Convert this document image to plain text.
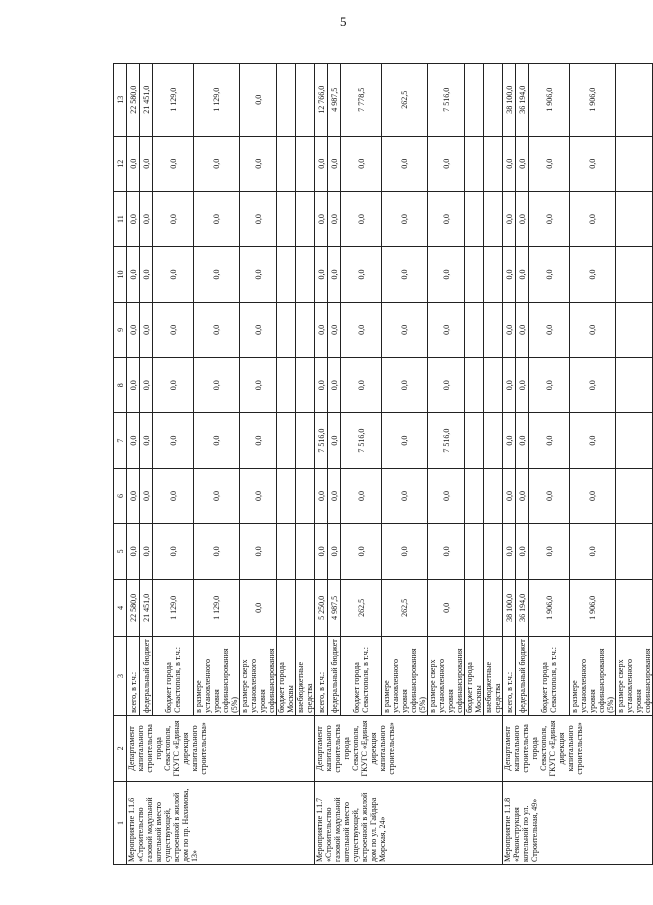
5
1	2	3	4	5	6	7	8	9	10	11	12	13
Мероприятие 1.1.6 «Строительство газовой модульной котельной вместо существующей, встроенной в жилой дом по пр. Нахимова, 13»	Департамент капитального строительства города Севастополя, ГКУГС «Единая дирекция капитального строительства»	всего, в т.ч.:	22 580,0	0,0	0,0	0,0	0,0	0,0	0,0	0,0	0,0	22 580,0
		федеральный бюджет	21 451,0	0,0	0,0	0,0	0,0	0,0	0,0	0,0	0,0	21 451,0
		бюджет города Севастополя, в т.ч.:	1 129,0	0,0	0,0	0,0	0,0	0,0	0,0	0,0	0,0	1 129,0
		в размере установленного уровня софинансирования (5%)	1 129,0	0,0	0,0	0,0	0,0	0,0	0,0	0,0	0,0	1 129,0
		в размере сверх установленного уровня софинансирования	0,0	0,0	0,0	0,0	0,0	0,0	0,0	0,0	0,0	0,0
		бюджет города Москвы										
		внебюджетные средства										
Мероприятие 1.1.7 «Строительство газовой модульной котельной вместо существующей, встроенной в жилой дом по ул. Гайдара Морская, 24»	Департамент капитального строительства города Севастополя, ГКУГС «Единая дирекция капитального строительства»	всего, в т.ч.:	5 250,0	0,0	0,0	7 516,0	0,0	0,0	0,0	0,0	0,0	12 766,0
		федеральный бюджет	4 987,5	0,0	0,0	0,0	0,0	0,0	0,0	0,0	0,0	4 987,5
		бюджет города Севастополя, в т.ч.:	262,5	0,0	0,0	7 516,0	0,0	0,0	0,0	0,0	0,0	7 778,5
		в размере установленного уровня софинансирования (5%)	262,5	0,0	0,0	0,0	0,0	0,0	0,0	0,0	0,0	262,5
		в размере сверх установленного уровня софинансирования	0,0	0,0	0,0	7 516,0	0,0	0,0	0,0	0,0	0,0	7 516,0
		бюджет города Москвы										
		внебюджетные средства										
Мероприятие 1.1.8 «Реконструкция котельной по ул. Строительная, 49»	Департамент капитального строительства города Севастополя, ГКУГС «Единая дирекция капитального строительства»	всего, в т.ч.:	38 100,0	0,0	0,0	0,0	0,0	0,0	0,0	0,0	0,0	38 100,0
		федеральный бюджет	36 194,0	0,0	0,0	0,0	0,0	0,0	0,0	0,0	0,0	36 194,0
		бюджет города Севастополя, в т.ч.:	1 906,0	0,0	0,0	0,0	0,0	0,0	0,0	0,0	0,0	1 906,0
		в размере установленного уровня софинансирования (5%)	1 906,0	0,0	0,0	0,0	0,0	0,0	0,0	0,0	0,0	1 906,0
		в размере сверх установленного уровня софинансирования										
